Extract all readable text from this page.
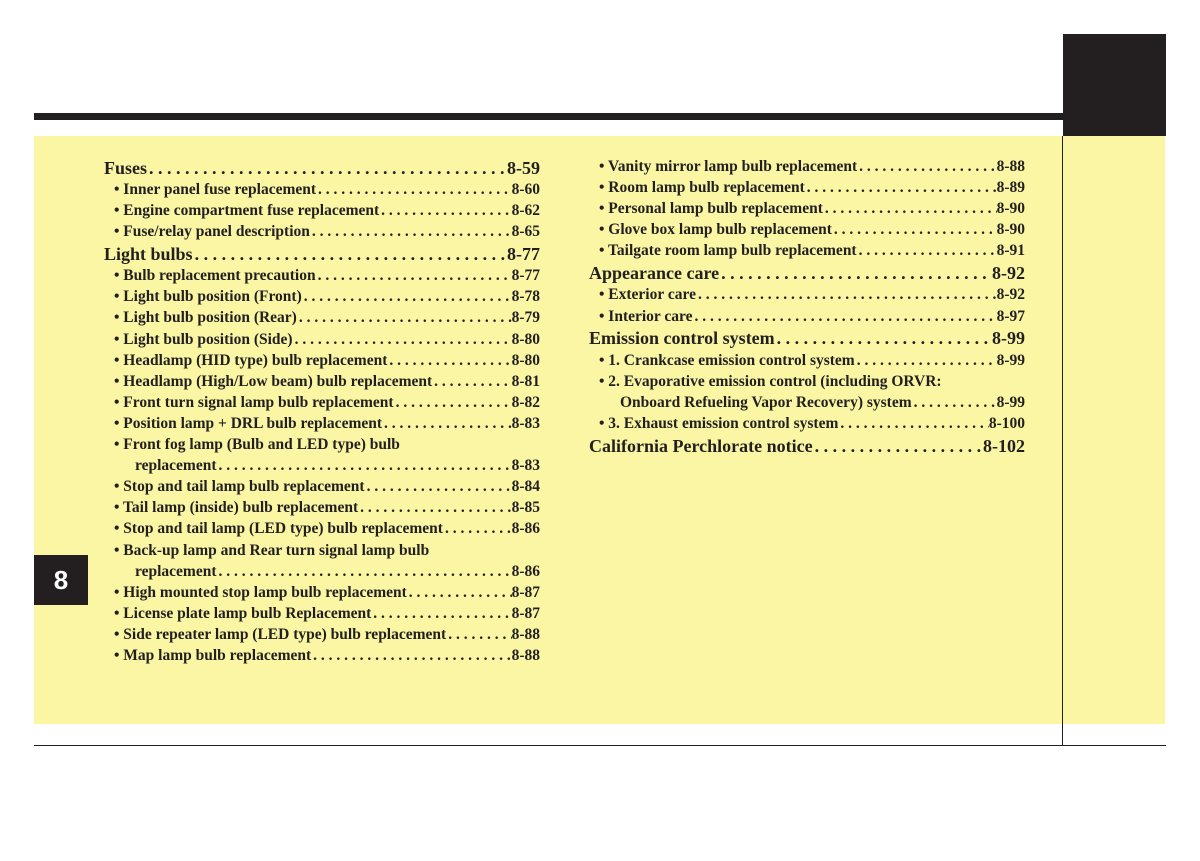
8
Fuses . . .	8-59
• Inner panel fuse replacement . . .	8-60
• Engine compartment fuse replacement . . .	8-62
• Fuse/relay panel description . . .	8-65
Light bulbs . . .	8-77
• Bulb replacement precaution . . .	8-77
• Light bulb position (Front) . . .	8-78
• Light bulb position (Rear) . . .	8-79
• Light bulb position (Side) . . .	8-80
• Headlamp (HID type) bulb replacement . . .	8-80
• Headlamp (High/Low beam) bulb replacement . . .	8-81
• Front turn signal lamp bulb replacement . . .	8-82
• Position lamp + DRL bulb replacement . . .	8-83
• Front fog lamp (Bulb and LED type) bulb
replacement . . .	8-83
• Stop and tail lamp bulb replacement . . .	8-84
• Tail lamp (inside) bulb replacement . . .	8-85
• Stop and tail lamp (LED type) bulb replacement . . .	8-86
• Back-up lamp and Rear turn signal lamp bulb
replacement . . .	8-86
• High mounted stop lamp bulb replacement . . .	8-87
• License plate lamp bulb Replacement . . .	8-87
• Side repeater lamp (LED type) bulb replacement . . .	8-88
• Map lamp bulb replacement . . .	8-88
• Vanity mirror lamp bulb replacement . . .	8-88
• Room lamp bulb replacement . . .	8-89
• Personal lamp bulb replacement . . .	8-90
• Glove box lamp bulb replacement . . .	8-90
• Tailgate room lamp bulb replacement . . .	8-91
Appearance care . . .	8-92
• Exterior care . . .	8-92
• Interior care . . .	8-97
Emission control system . . .	8-99
• 1. Crankcase emission control system . . .	8-99
• 2. Evaporative emission control (including ORVR:
Onboard Refueling Vapor Recovery) system . . .	8-99
• 3. Exhaust emission control system . . .	8-100
California Perchlorate notice . . .	8-102
